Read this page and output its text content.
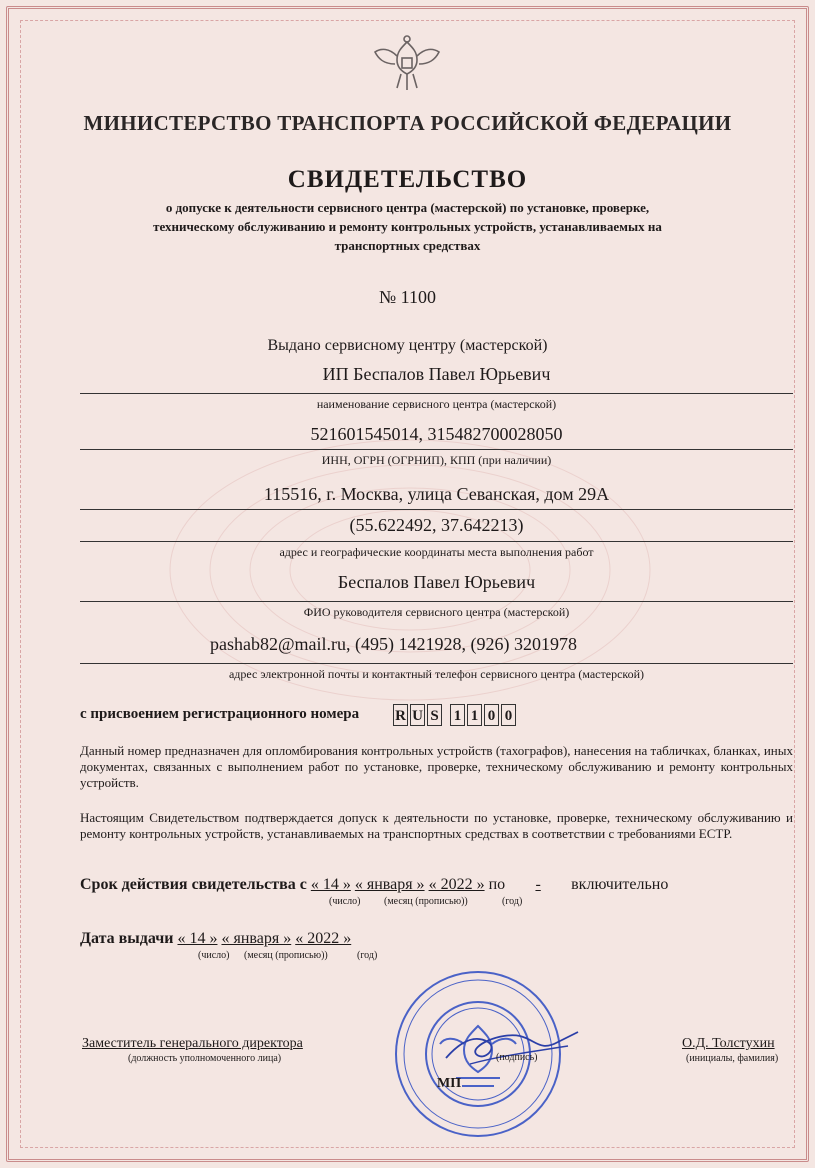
МИНИСТЕРСТВО ТРАНСПОРТА РОССИЙСКОЙ ФЕДЕРАЦИИ
СВИДЕТЕЛЬСТВО
о допуске к деятельности сервисного центра (мастерской) по установке, проверке, техническому обслуживанию и ремонту контрольных устройств, устанавливаемых на транспортных средствах
№ 1100
Выдано сервисному центру (мастерской)
ИП Беспалов Павел Юрьевич
наименование сервисного центра (мастерской)
521601545014, 315482700028050
ИНН, ОГРН (ОГРНИП), КПП (при наличии)
115516, г. Москва, улица Севанская, дом 29А
(55.622492, 37.642213)
адрес и географические координаты места выполнения работ
Беспалов Павел Юрьевич
ФИО руководителя сервисного центра (мастерской)
pashab82@mail.ru, (495) 1421928, (926) 3201978
адрес электронной почты и контактный телефон сервисного центра (мастерской)
с присвоением регистрационного номера R U S 1 1 0 0
Данный номер предназначен для опломбирования контрольных устройств (тахографов), нанесения на табличках, бланках, иных документах, связанных с выполнением работ по установке, проверке, техническому обслуживанию и ремонту контрольных устройств.
Настоящим Свидетельством подтверждается допуск к деятельности по установке, проверке, техническому обслуживанию и ремонту контрольных устройств, устанавливаемых на транспортных средствах в соответствии с требованиями ЕСТР.
Срок действия свидетельства с « 14 » « января » « 2022 » по - включительно
(число) (месяц (прописью))	(год)
Дата выдачи « 14 » « января » « 2022 »
(число) (месяц (прописью))	(год)
Заместитель генерального директора
(должность уполномоченного лица)	(подпись)
О.Д. Толстухин
(инициалы, фамилия)
МП
